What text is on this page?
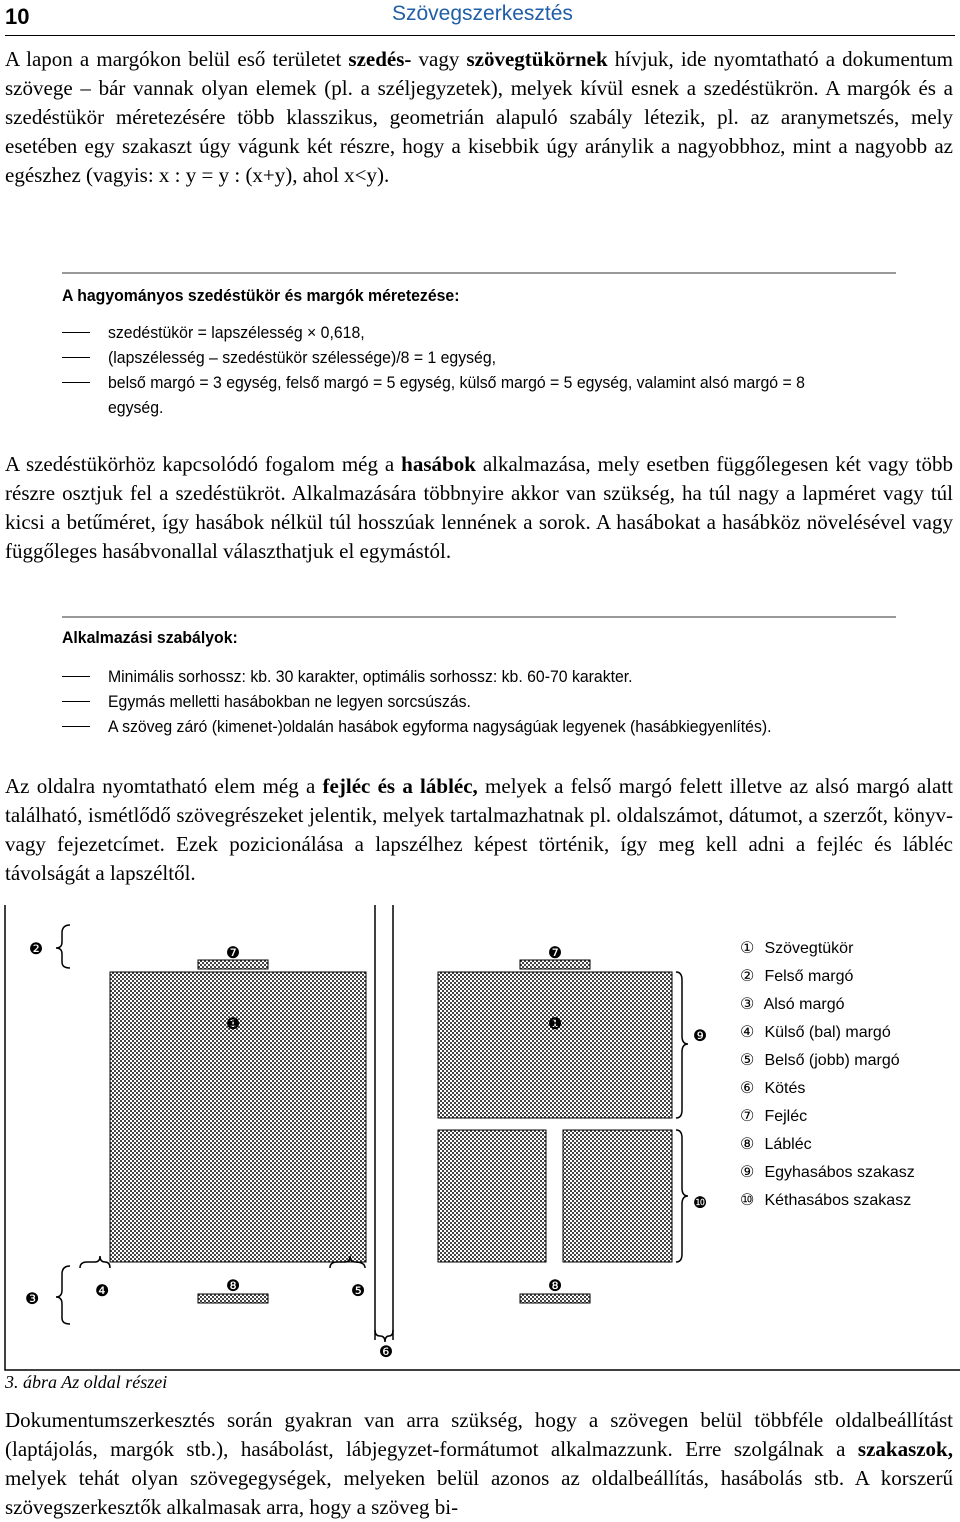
10	Szövegszerkesztés

A lapon a margókon belül eső területet szedés- vagy szövegtükörnek hívjuk, ide nyomtatható a dokumentum szövege – bár vannak olyan elemek (pl. a széljegyzetek), melyek kívül esnek a szedéstükrön. A margók és a szedéstükör méretezésére több klasszikus, geometrián alapuló szabály létezik, pl. az aranymetszés, mely esetében egy szakaszt úgy vágunk két részre, hogy a kisebbik úgy aránylik a nagyobbhoz, mint a nagyobb az egészhez (vagyis: x : y = y : (x+y), ahol x<y).

A hagyományos szedéstükör és margók méretezése:
szedéstükör = lapszélesség × 0,618,
(lapszélesség – szedéstükör szélessége)/8 = 1 egység,
belső margó = 3 egység, felső margó = 5 egység, külső margó = 5 egység, valamint alsó margó = 8
egység.

A szedéstükörhöz kapcsolódó fogalom még a hasábok alkalmazása, mely esetben függőlegesen két vagy több részre osztjuk fel a szedéstükröt. Alkalmazására többnyire akkor van szükség, ha túl nagy a lapméret vagy túl kicsi a betűméret, így hasábok nélkül túl hosszúak lennének a sorok. A hasábokat a hasábköz növelésével vagy függőleges hasábvonallal választhatjuk el egymástól.

Alkalmazási szabályok:
Minimális sorhossz: kb. 30 karakter, optimális sorhossz: kb. 60-70 karakter.
Egymás melletti hasábokban ne legyen sorcsúszás.
A szöveg záró (kimenet-)oldalán hasábok egyforma nagyságúak legyenek (hasábkiegyenlítés).

Az oldalra nyomtatható elem még a fejléc és a lábléc, melyek a felső margó felett illetve az alsó margó alatt található, ismétlődő szövegrészeket jelentik, melyek tartalmazhatnak pl. oldalszámot, dátumot, a szerzőt, könyv- vagy fejezetcímet. Ezek pozicionálása a lapszélhez képest történik, így meg kell adni a fejléc és lábléc távolságát a lapszéltől.

❷	❼	❼
❶	❶
❾
❿
❹	❽	❽
❺
❸
❻
① Szövegtükör
② Felső margó
③ Alsó margó
④ Külső (bal) margó
⑤ Belső (jobb) margó
⑥ Kötés
⑦ Fejléc
⑧ Lábléc
⑨ Egyhasábos szakasz
⑩ Kéthasábos szakasz
3. ábra Az oldal részei

Dokumentumszerkesztés során gyakran van arra szükség, hogy a szövegen belül többféle oldalbeállítást (laptájolás, margók stb.), hasábolást, lábjegyzet-formátumot alkalmazzunk. Erre szolgálnak a szakaszok, melyek tehát olyan szövegegységek, melyeken belül azonos az oldalbeállítás, hasábolás stb. A korszerű szövegszerkesztők alkalmasak arra, hogy a szöveg bi-
